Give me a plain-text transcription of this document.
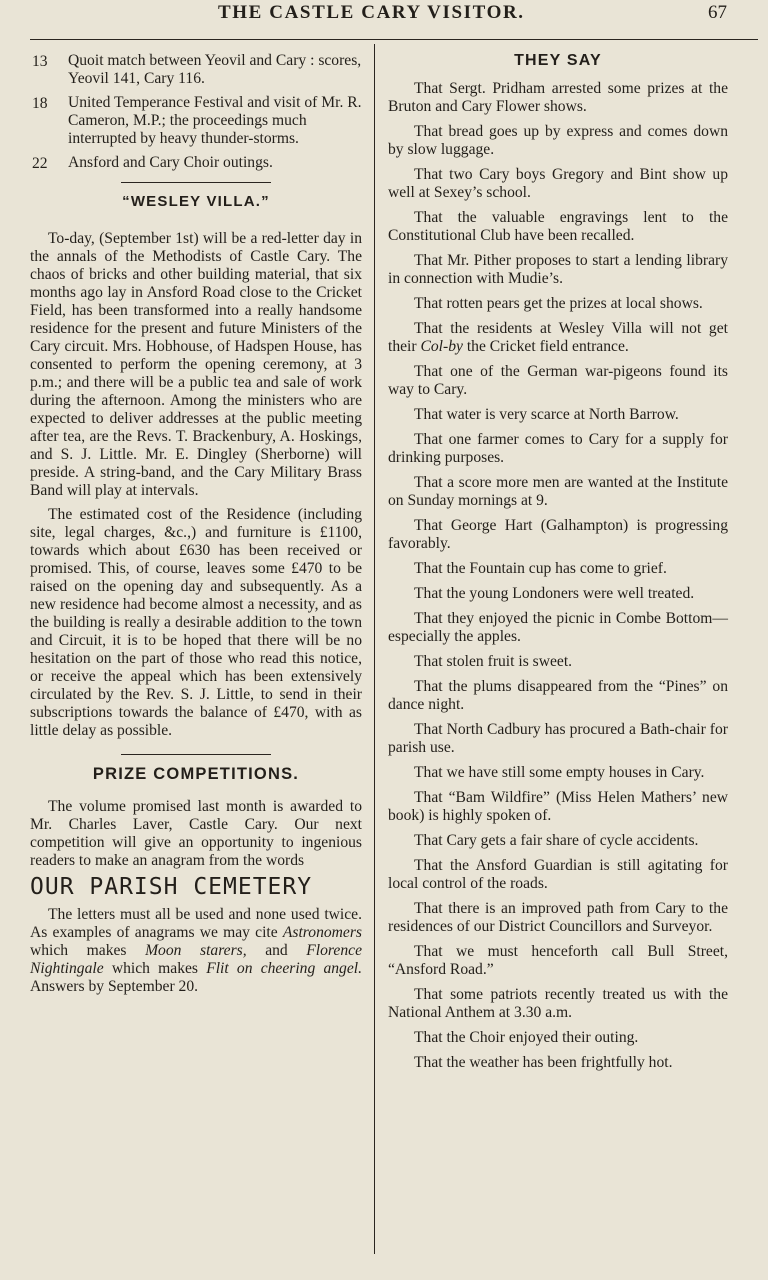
THE CASTLE CARY VISITOR.	67
13 Quoit match between Yeovil and Cary : scores, Yeovil 141, Cary 116.
18 United Temperance Festival and visit of Mr. R. Cameron, M.P.; the proceedings much interrupted by heavy thunder-storms.
22 Ansford and Cary Choir outings.
“WESLEY VILLA.”

To-day, (September 1st) will be a red-letter day in the annals of the Methodists of Castle Cary. The chaos of bricks and other building material, that six months ago lay in Ansford Road close to the Cricket Field, has been transformed into a really handsome residence for the present and future Ministers of the Cary circuit. Mrs. Hobhouse, of Hadspen House, has consented to perform the opening ceremony, at 3 p.m.; and there will be a public tea and sale of work during the afternoon. Among the ministers who are expected to deliver addresses at the public meeting after tea, are the Revs. T. Brackenbury, A. Hoskings, and S. J. Little. Mr. E. Dingley (Sherborne) will preside. A string-band, and the Cary Military Brass Band will play at intervals.

The estimated cost of the Residence (including site, legal charges, &c.,) and furniture is £1100, towards which about £630 has been received or promised. This, of course, leaves some £470 to be raised on the opening day and subsequently. As a new residence had become almost a necessity, and as the building is really a desirable addition to the town and Circuit, it is to be hoped that there will be no hesitation on the part of those who read this notice, or receive the appeal which has been extensively circulated by the Rev. S. J. Little, to send in their subscriptions towards the balance of £470, with as little delay as possible.

PRIZE COMPETITIONS.

The volume promised last month is awarded to Mr. Charles Laver, Castle Cary. Our next competition will give an opportunity to ingenious readers to make an anagram from the words

OUR PARISH CEMETERY

The letters must all be used and none used twice. As examples of anagrams we may cite Astronomers which makes Moon starers, and Florence Nightingale which makes Flit on cheering angel. Answers by September 20.

THEY SAY

That Sergt. Pridham arrested some prizes at the Bruton and Cary Flower shows.

That bread goes up by express and comes down by slow luggage.

That two Cary boys Gregory and Bint show up well at Sexey’s school.

That the valuable engravings lent to the Constitutional Club have been recalled.

That Mr. Pither proposes to start a lending library in connection with Mudie’s.

That rotten pears get the prizes at local shows.

That the residents at Wesley Villa will not get their Col-by the Cricket field entrance.

That one of the German war-pigeons found its way to Cary.

That water is very scarce at North Barrow.

That one farmer comes to Cary for a supply for drinking purposes.

That a score more men are wanted at the Institute on Sunday mornings at 9.

That George Hart (Galhampton) is progressing favorably.

That the Fountain cup has come to grief.

That the young Londoners were well treated.

That they enjoyed the picnic in Combe Bottom—especially the apples.

That stolen fruit is sweet.

That the plums disappeared from the “Pines” on dance night.

That North Cadbury has procured a Bath-chair for parish use.

That we have still some empty houses in Cary.

That “Bam Wildfire” (Miss Helen Mathers’ new book) is highly spoken of.

That Cary gets a fair share of cycle accidents.

That the Ansford Guardian is still agitating for local control of the roads.

That there is an improved path from Cary to the residences of our District Councillors and Surveyor.

That we must henceforth call Bull Street, “Ansford Road.”

That some patriots recently treated us with the National Anthem at 3.30 a.m.

That the Choir enjoyed their outing.

That the weather has been frightfully hot.
